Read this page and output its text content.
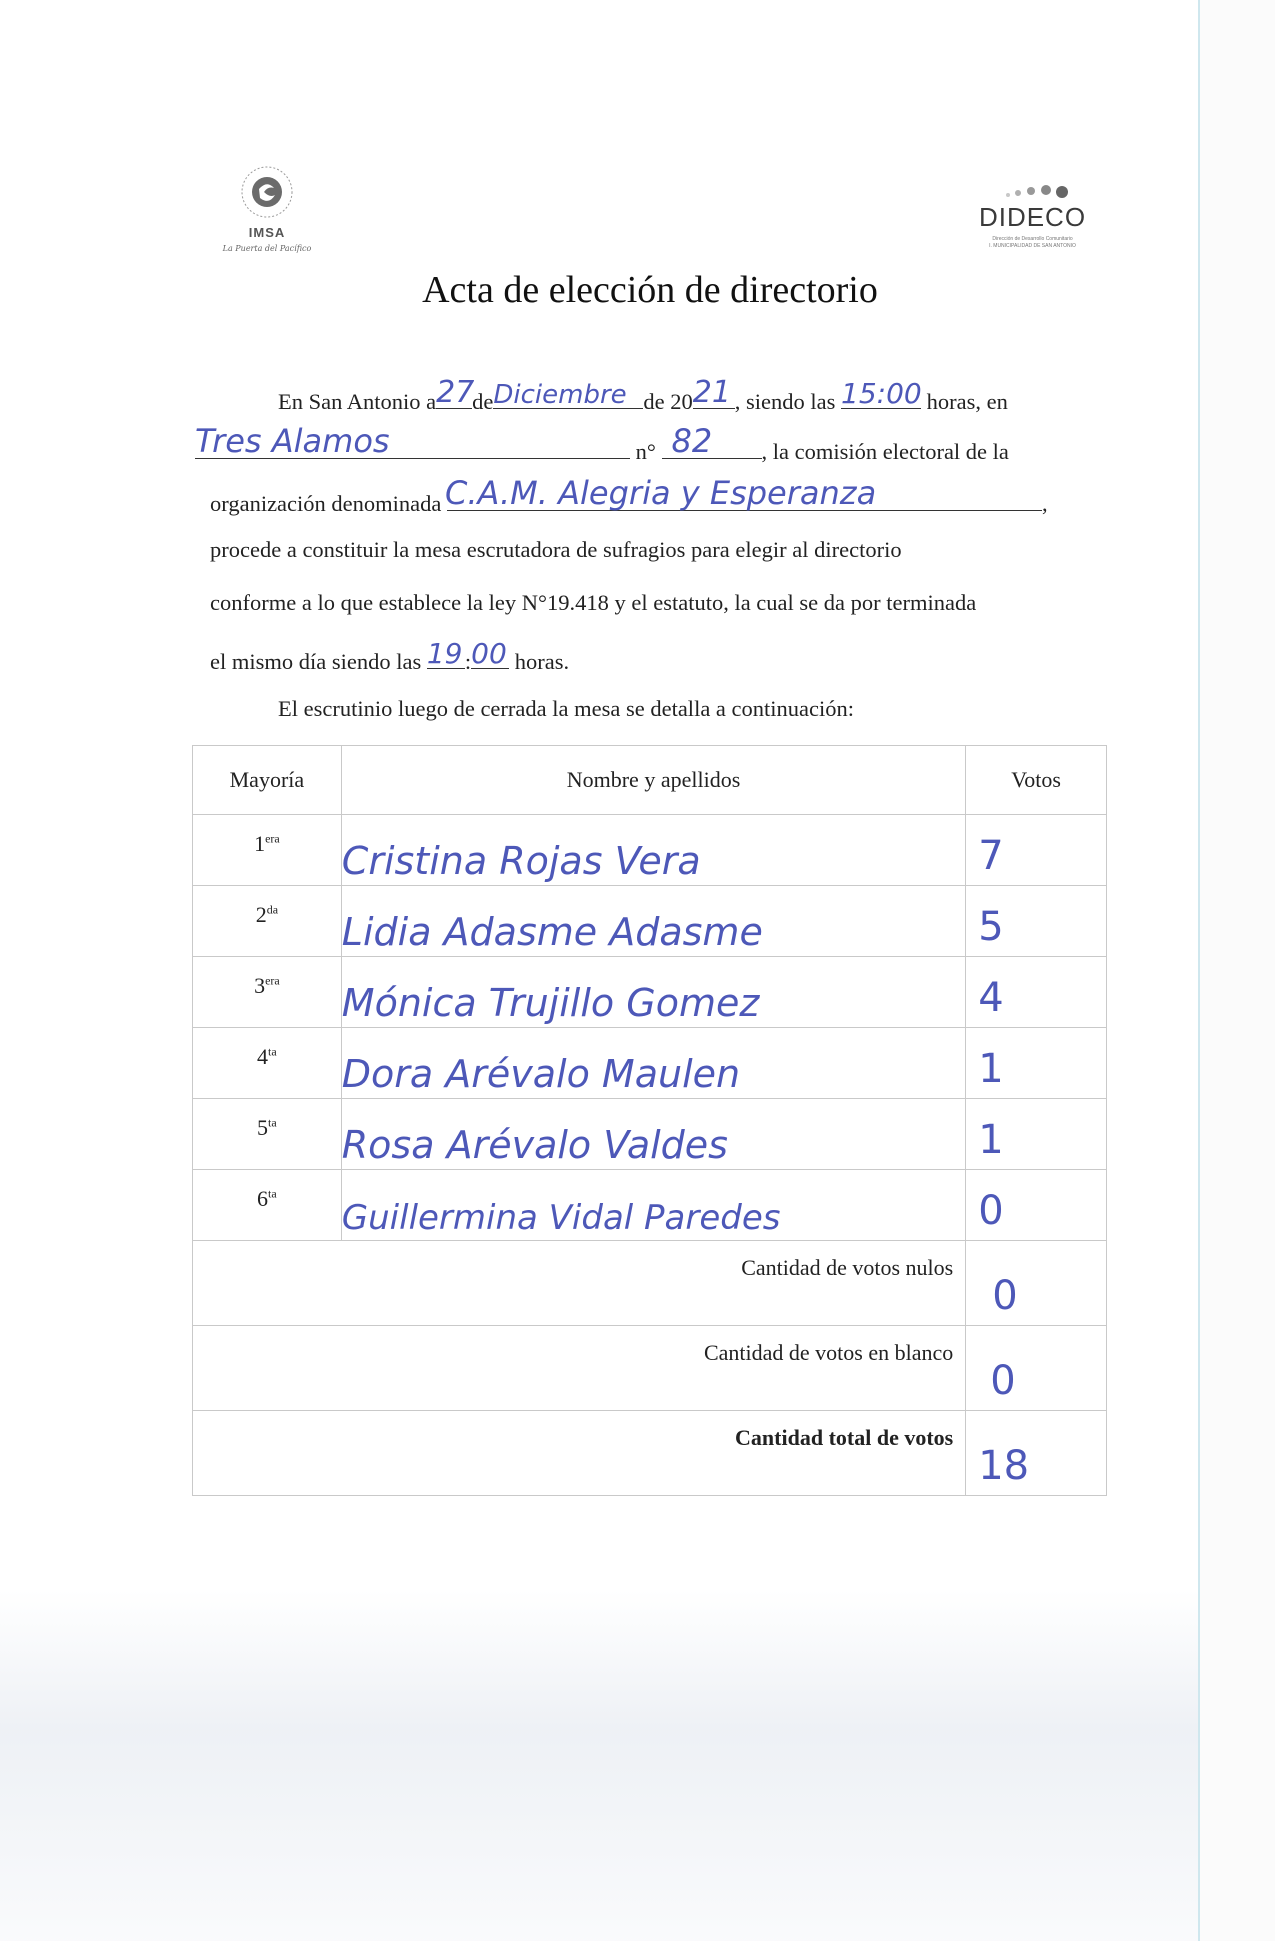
IMSA
La Puerta del Pacífico
DIDECO
Dirección de Desarrollo Comunitario
I. MUNICIPALIDAD DE SAN ANTONIO
Acta de elección de directorio
En San Antonio a 27
de Diciembre de 20 21 , siendo las 15:00 horas, en
Tres Alamos	n° 82 , la comisión electoral de la
organización denominada C.A.M. Alegria y Esperanza	,
procede a constituir la mesa escrutadora de sufragios para elegir al directorio
conforme a lo que establece la ley N°19.418 y el estatuto, la cual se da por terminada
el mismo día siendo las 19 : 00 horas.
El escrutinio luego de cerrada la mesa se detalla a continuación:
Mayoría	Nombre y apellidos	Votos

$1^{era}$	Cristina Rojas Vera	7

$2^{da}$	Lidia Adasme Adasme	5

$3^{era}$	Mónica Trujillo Gomez	4

$4^{ta}$	Dora Arévalo Maulen	1

$5^{ta}$	Rosa Arévalo Valdes	1

$6^{ta}$	Guillermina Vidal Paredes	0

Cantidad de votos nulos		0

Cantidad de votos en blanco		0

Cantidad total de votos		18
